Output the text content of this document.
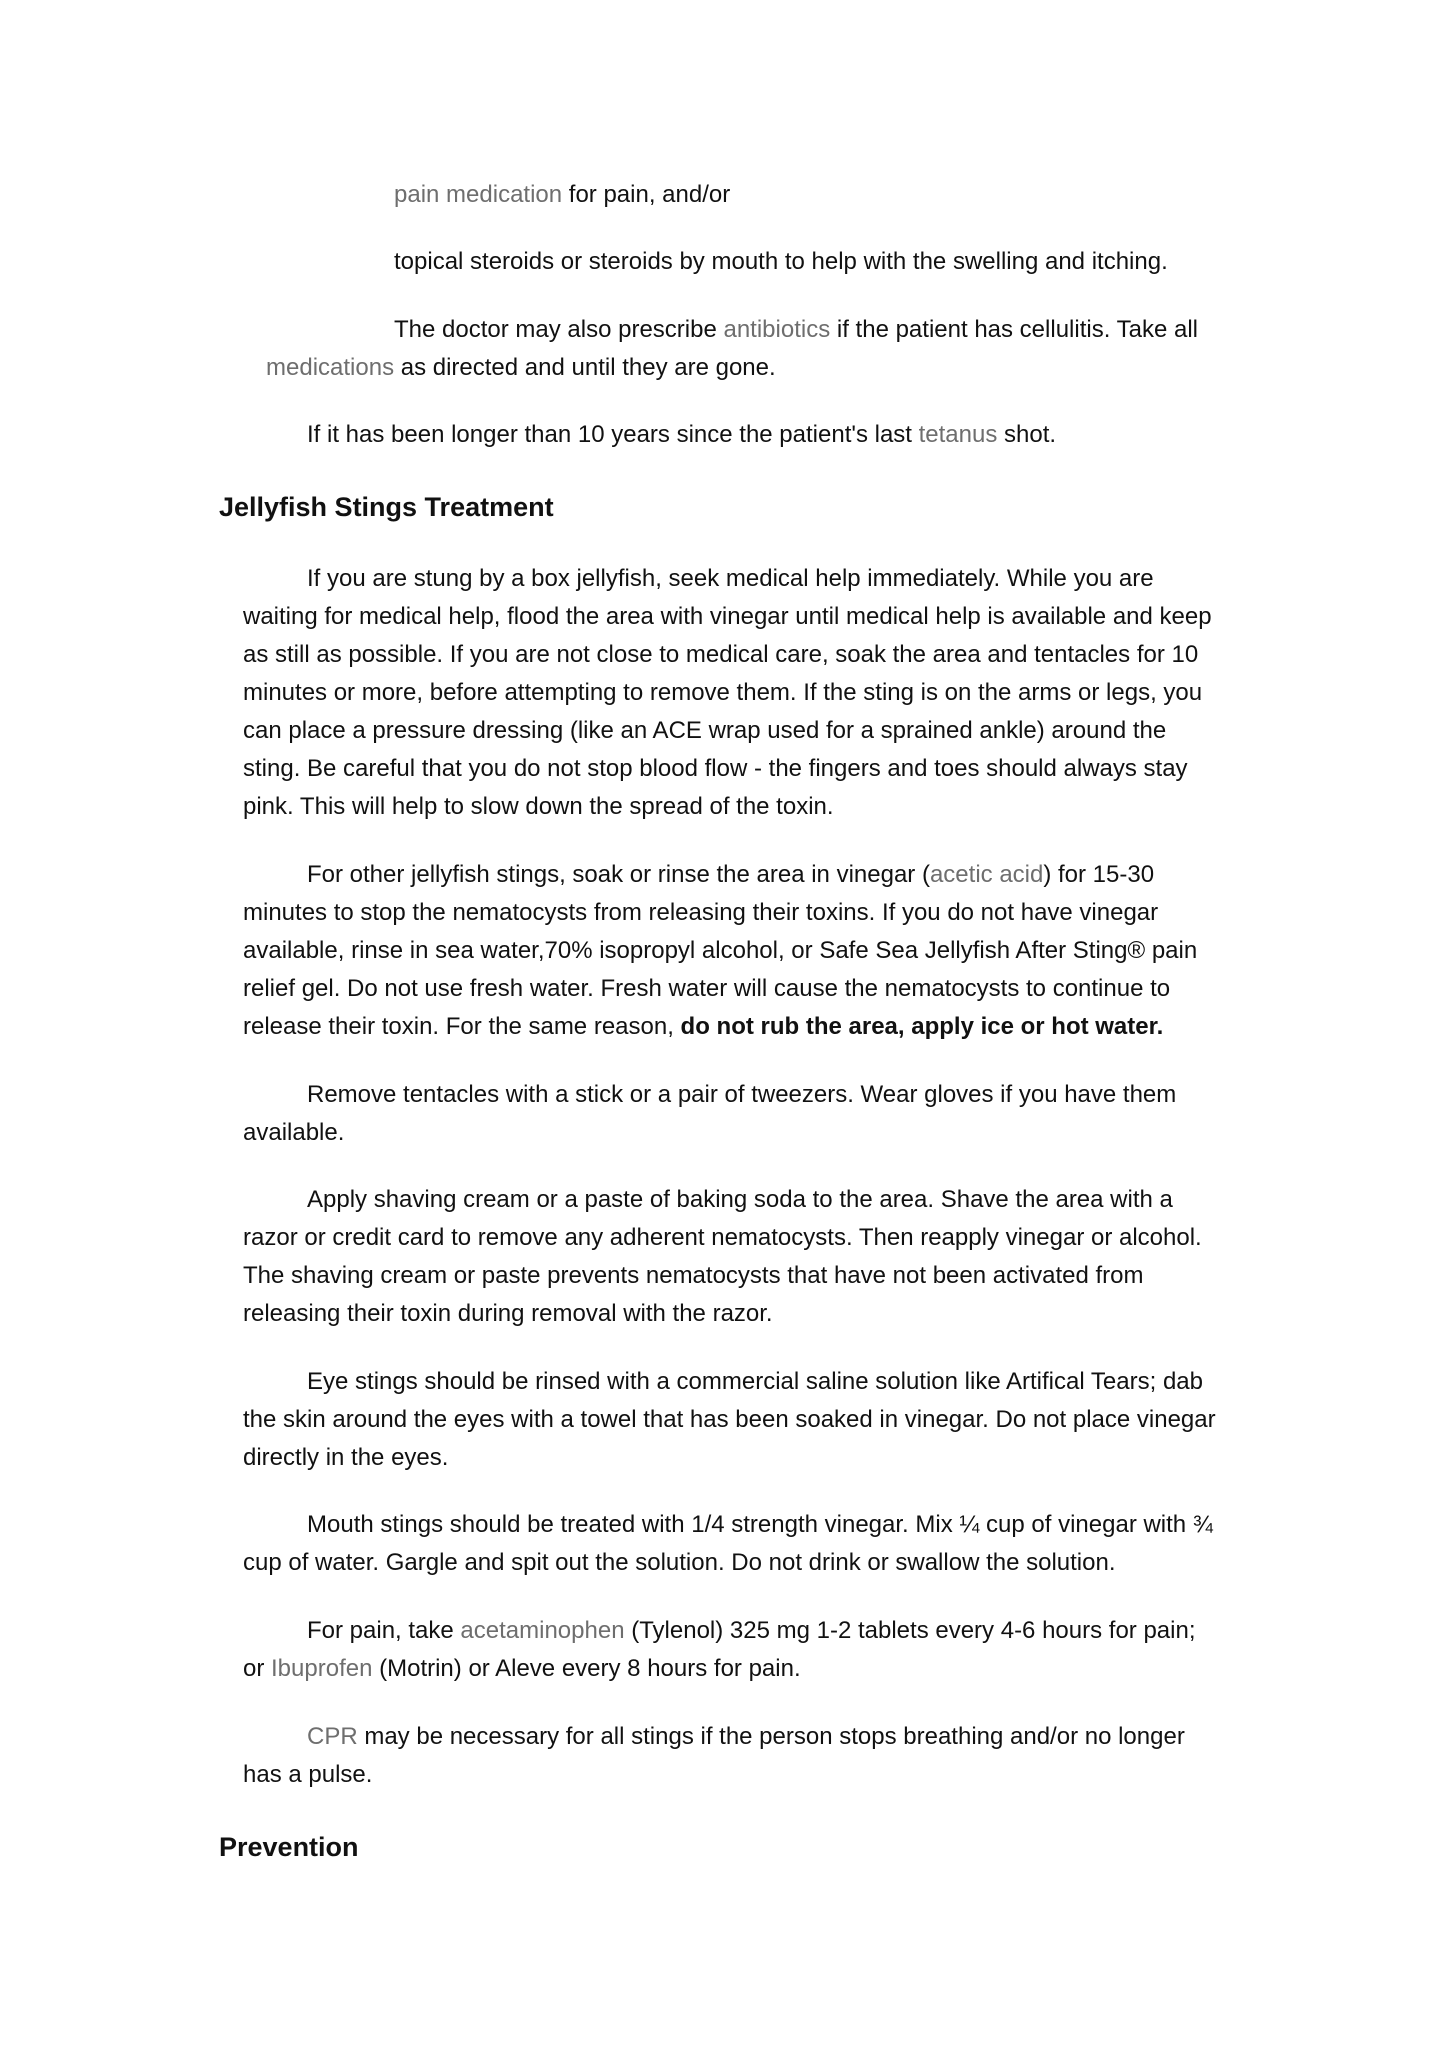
pain medication for pain, and/or
topical steroids or steroids by mouth to help with the swelling and itching.
The doctor may also prescribe antibiotics if the patient has cellulitis. Take all
medications as directed and until they are gone.
If it has been longer than 10 years since the patient's last tetanus shot.
Jellyfish Stings Treatment
If you are stung by a box jellyfish, seek medical help immediately. While you are
waiting for medical help, flood the area with vinegar until medical help is available and keep
as still as possible. If you are not close to medical care, soak the area and tentacles for 10
minutes or more, before attempting to remove them. If the sting is on the arms or legs, you
can place a pressure dressing (like an ACE wrap used for a sprained ankle) around the
sting. Be careful that you do not stop blood flow - the fingers and toes should always stay
pink. This will help to slow down the spread of the toxin.
For other jellyfish stings, soak or rinse the area in vinegar (acetic acid) for 15-30
minutes to stop the nematocysts from releasing their toxins. If you do not have vinegar
available, rinse in sea water,70% isopropyl alcohol, or Safe Sea Jellyfish After Sting® pain
relief gel. Do not use fresh water. Fresh water will cause the nematocysts to continue to
release their toxin. For the same reason, do not rub the area, apply ice or hot water.
Remove tentacles with a stick or a pair of tweezers. Wear gloves if you have them
available.
Apply shaving cream or a paste of baking soda to the area. Shave the area with a
razor or credit card to remove any adherent nematocysts. Then reapply vinegar or alcohol.
The shaving cream or paste prevents nematocysts that have not been activated from
releasing their toxin during removal with the razor.
Eye stings should be rinsed with a commercial saline solution like Artifical Tears; dab
the skin around the eyes with a towel that has been soaked in vinegar. Do not place vinegar
directly in the eyes.
Mouth stings should be treated with 1/4 strength vinegar. Mix ¼ cup of vinegar with ¾
cup of water. Gargle and spit out the solution. Do not drink or swallow the solution.
For pain, take acetaminophen (Tylenol) 325 mg 1-2 tablets every 4-6 hours for pain;
or Ibuprofen (Motrin) or Aleve every 8 hours for pain.
CPR may be necessary for all stings if the person stops breathing and/or no longer
has a pulse.
Prevention
